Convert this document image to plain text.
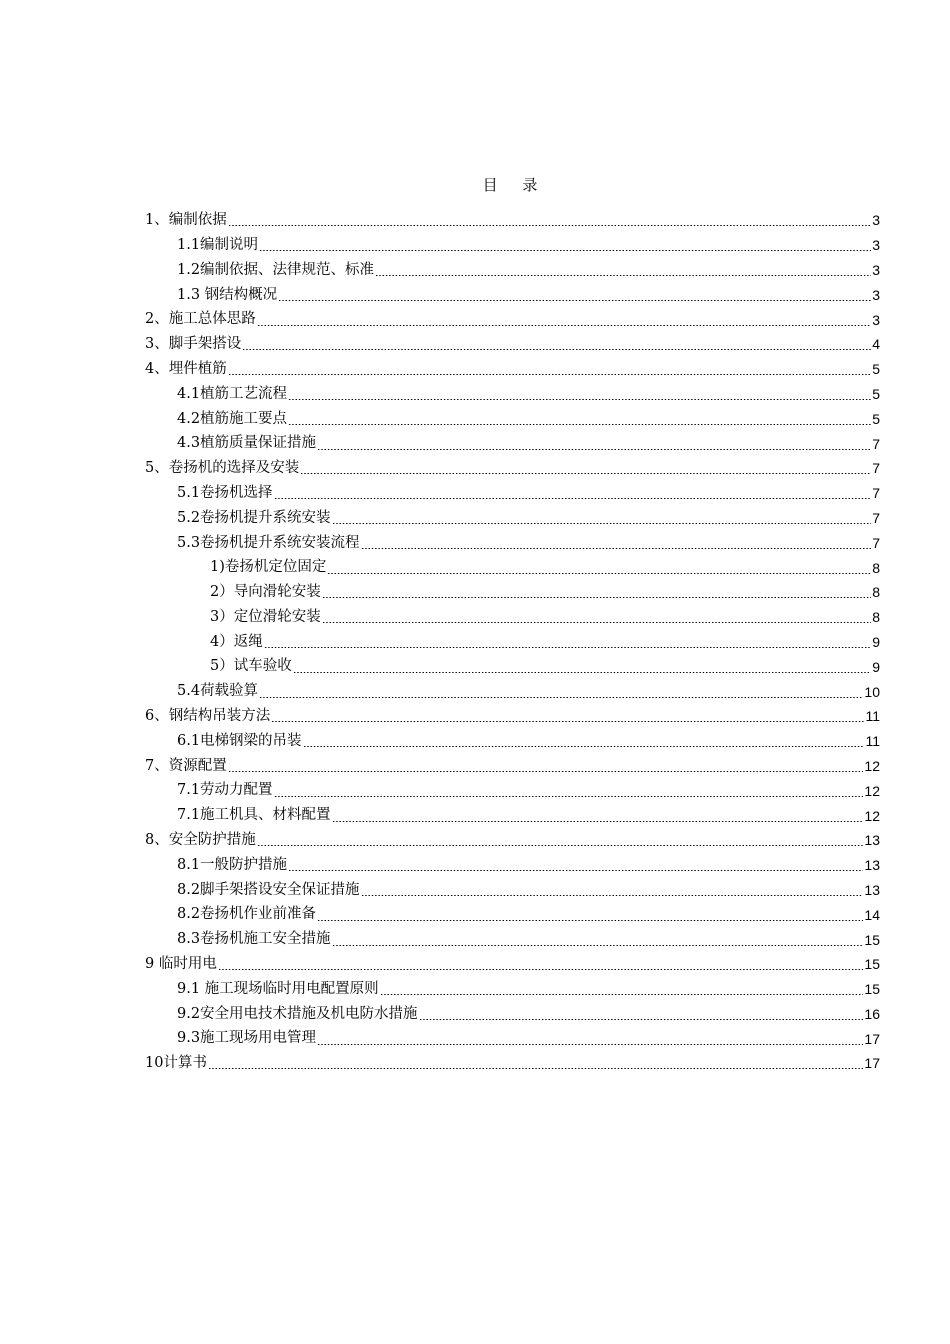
目 录
1、编制依据	3
1.1编制说明	3
1.2编制依据、法律规范、标准	3
1.3 钢结构概况	3
2、施工总体思路	3
3、脚手架搭设	4
4、埋件植筋	5
4.1植筋工艺流程	5
4.2植筋施工要点	5
4.3植筋质量保证措施	7
5、卷扬机的选择及安装	7
5.1卷扬机选择	7
5.2卷扬机提升系统安装	7
5.3卷扬机提升系统安装流程	7
1)卷扬机定位固定	8
2）导向滑轮安装	8
3）定位滑轮安装	8
4）返绳	9
5）试车验收	9
5.4荷载验算	10
6、钢结构吊装方法	11
6.1电梯钢梁的吊装	11
7、资源配置	12
7.1劳动力配置	12
7.1施工机具、材料配置	12
8、安全防护措施	13
8.1一般防护措施	13
8.2脚手架搭设安全保证措施	13
8.2卷扬机作业前准备	14
8.3卷扬机施工安全措施	15
9 临时用电	15
9.1 施工现场临时用电配置原则	15
9.2安全用电技术措施及机电防水措施	16
9.3施工现场用电管理	17
10计算书	17
